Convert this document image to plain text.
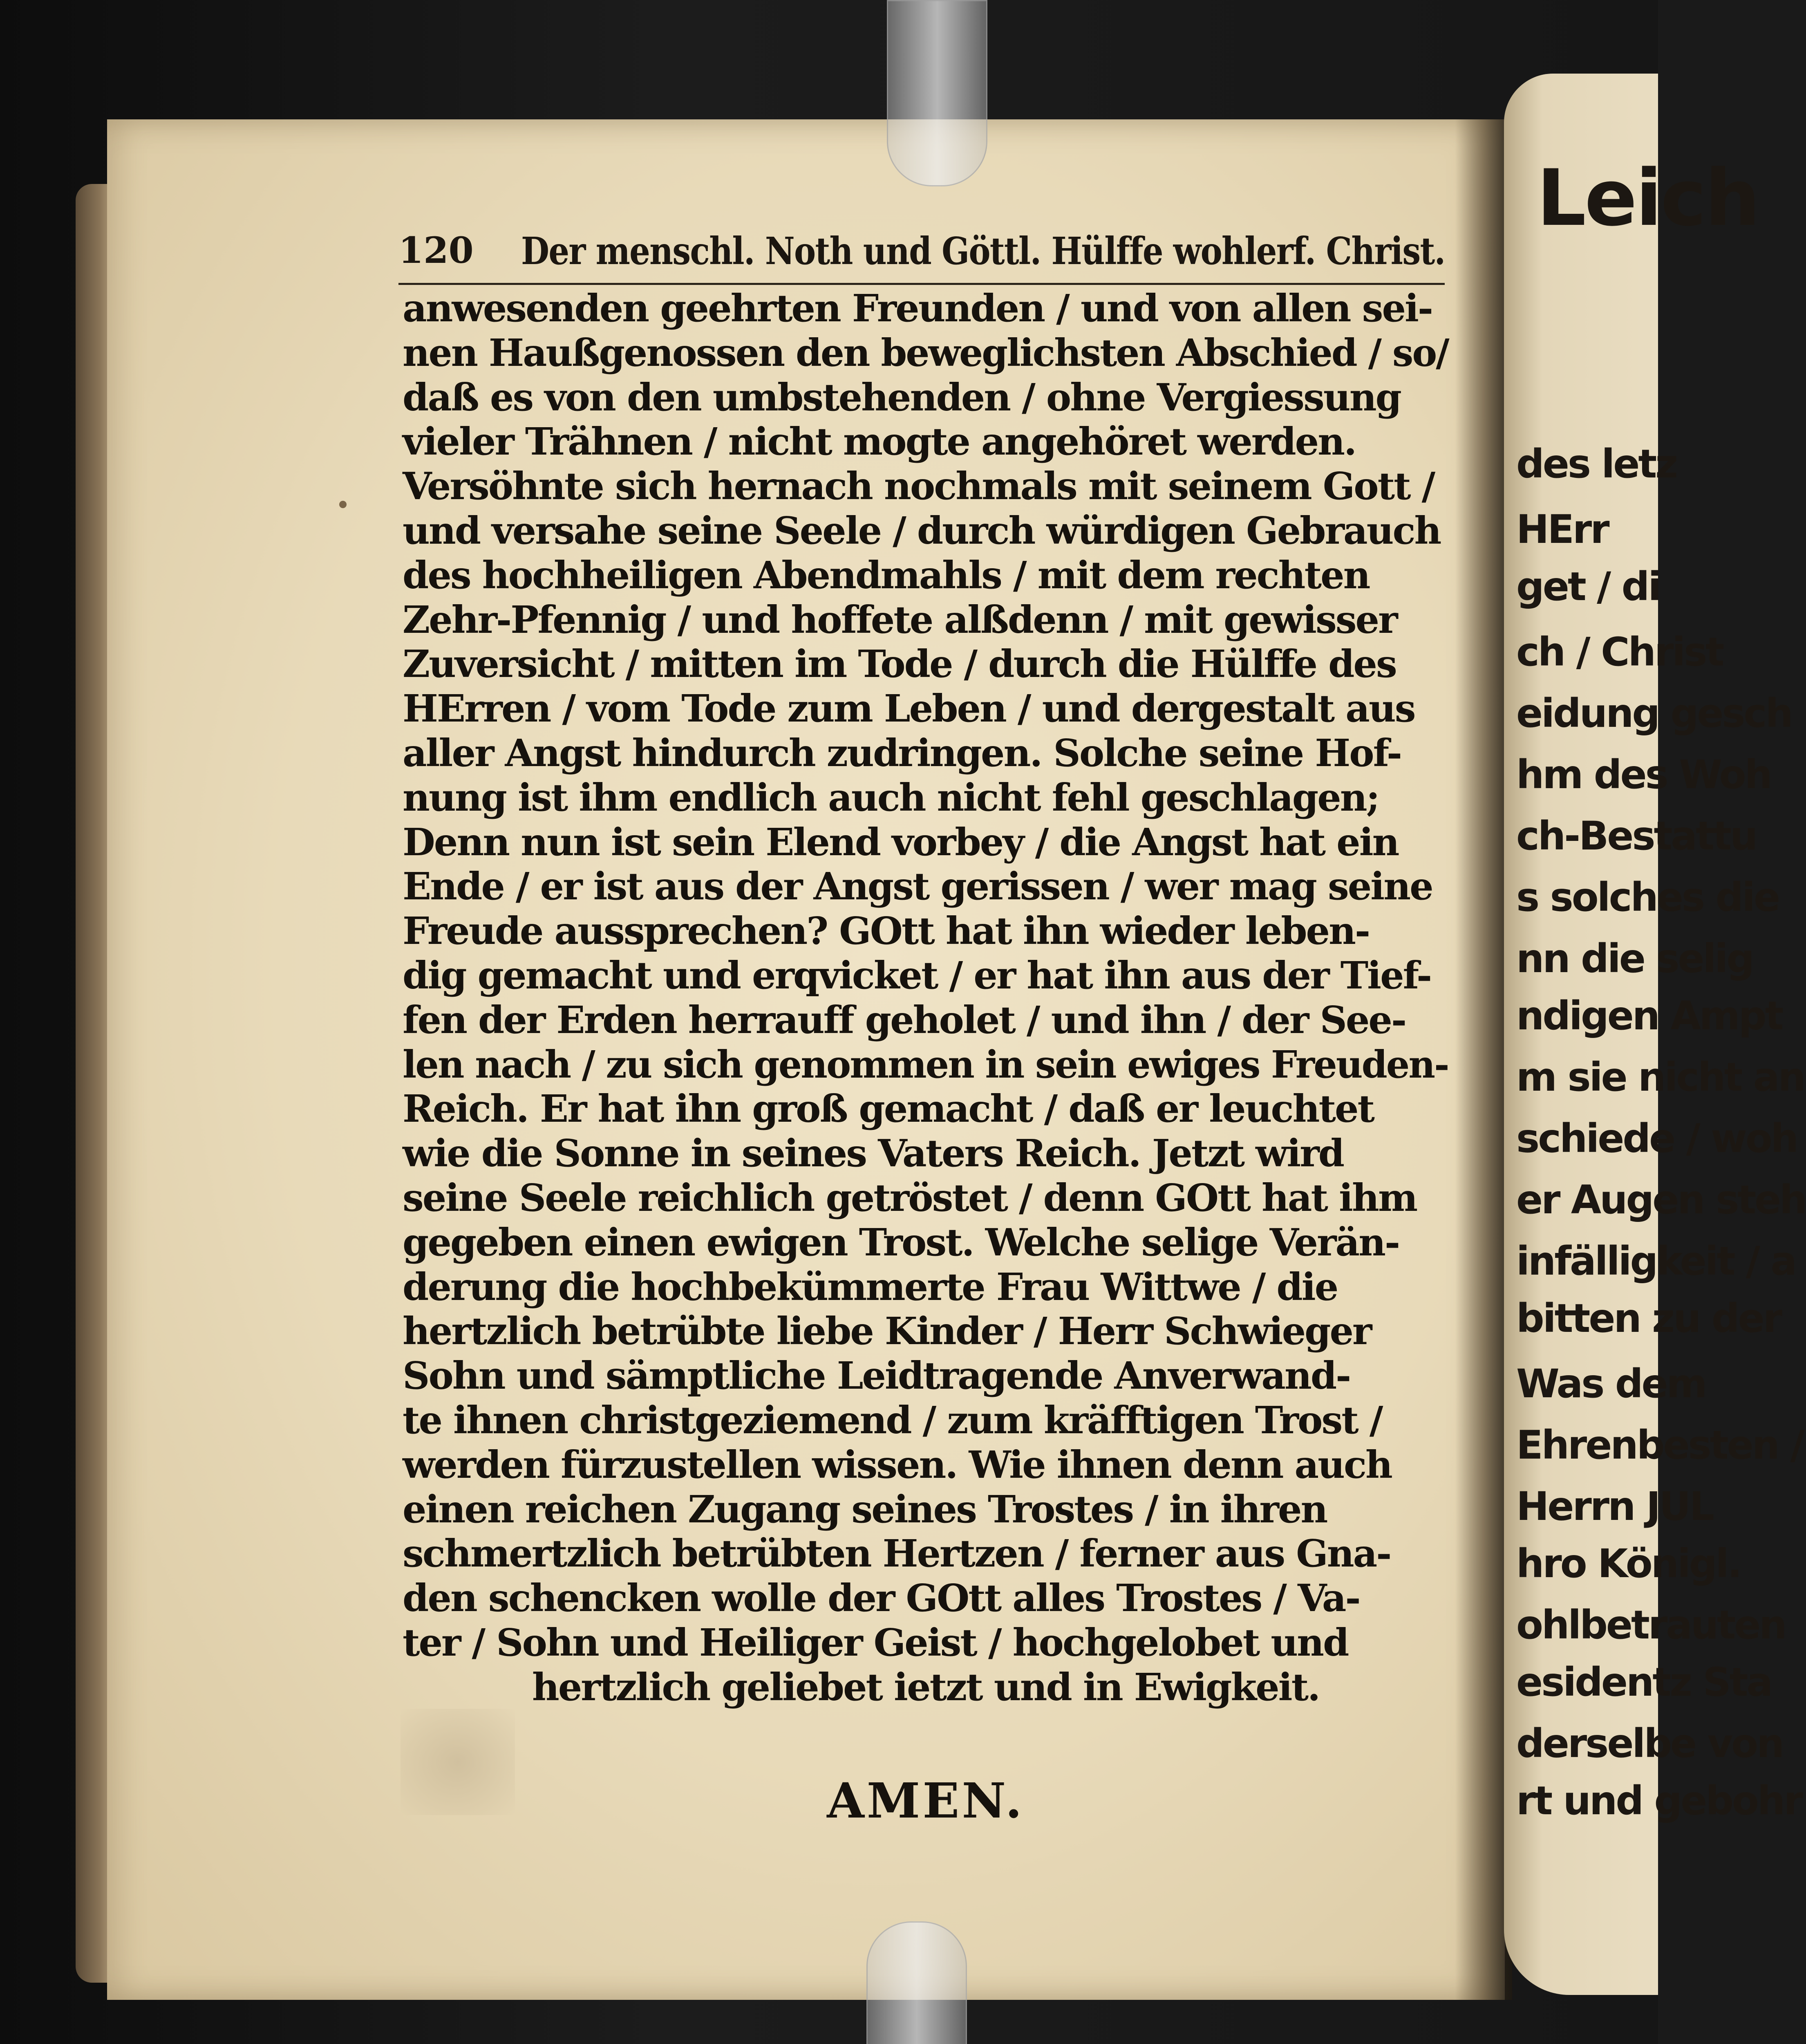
Leich
des letz
HErr
get / di
ch / Christ
eidung gesch
hm des Woh
ch-Bestattu
s solches die
nn die selig
ndigen Ampt
m sie nicht an
schiede / woh
er Augen steh
infälligkeit / a
bitten zu der
Was dem
Ehrenbesten /
Herrn JUL
hro Königl.
ohlbetrauten
esidentz Sta
derselbe von
rt und gebohr
120 Der menschl. Noth und Göttl. Hülffe wohlerf. Christ.
anwesenden geehrten Freunden / und von allen sei-
nen Haußgenossen den beweglichsten Abschied / so/
daß es von den umbstehenden / ohne Vergiessung
vieler Trähnen / nicht mogte angehöret werden.
Versöhnte sich hernach nochmals mit seinem Gott /
und versahe seine Seele / durch würdigen Gebrauch
des hochheiligen Abendmahls / mit dem rechten
Zehr-Pfennig / und hoffete alßdenn / mit gewisser
Zuversicht / mitten im Tode / durch die Hülffe des
HErren / vom Tode zum Leben / und dergestalt aus
aller Angst hindurch zudringen. Solche seine Hof-
nung ist ihm endlich auch nicht fehl geschlagen;
Denn nun ist sein Elend vorbey / die Angst hat ein
Ende / er ist aus der Angst gerissen / wer mag seine
Freude aussprechen? GOtt hat ihn wieder leben-
dig gemacht und erqvicket / er hat ihn aus der Tief-
fen der Erden herrauff geholet / und ihn / der See-
len nach / zu sich genommen in sein ewiges Freuden-
Reich. Er hat ihn groß gemacht / daß er leuchtet
wie die Sonne in seines Vaters Reich. Jetzt wird
seine Seele reichlich getröstet / denn GOtt hat ihm
gegeben einen ewigen Trost. Welche selige Verän-
derung die hochbekümmerte Frau Wittwe / die
hertzlich betrübte liebe Kinder / Herr Schwieger
Sohn und sämptliche Leidtragende Anverwand-
te ihnen christgeziemend / zum kräfftigen Trost /
werden fürzustellen wissen. Wie ihnen denn auch
einen reichen Zugang seines Trostes / in ihren
schmertzlich betrübten Hertzen / ferner aus Gna-
den schencken wolle der GOtt alles Trostes / Va-
ter / Sohn und Heiliger Geist / hochgelobet und
hertzlich geliebet ietzt und in Ewigkeit.
AMEN.
